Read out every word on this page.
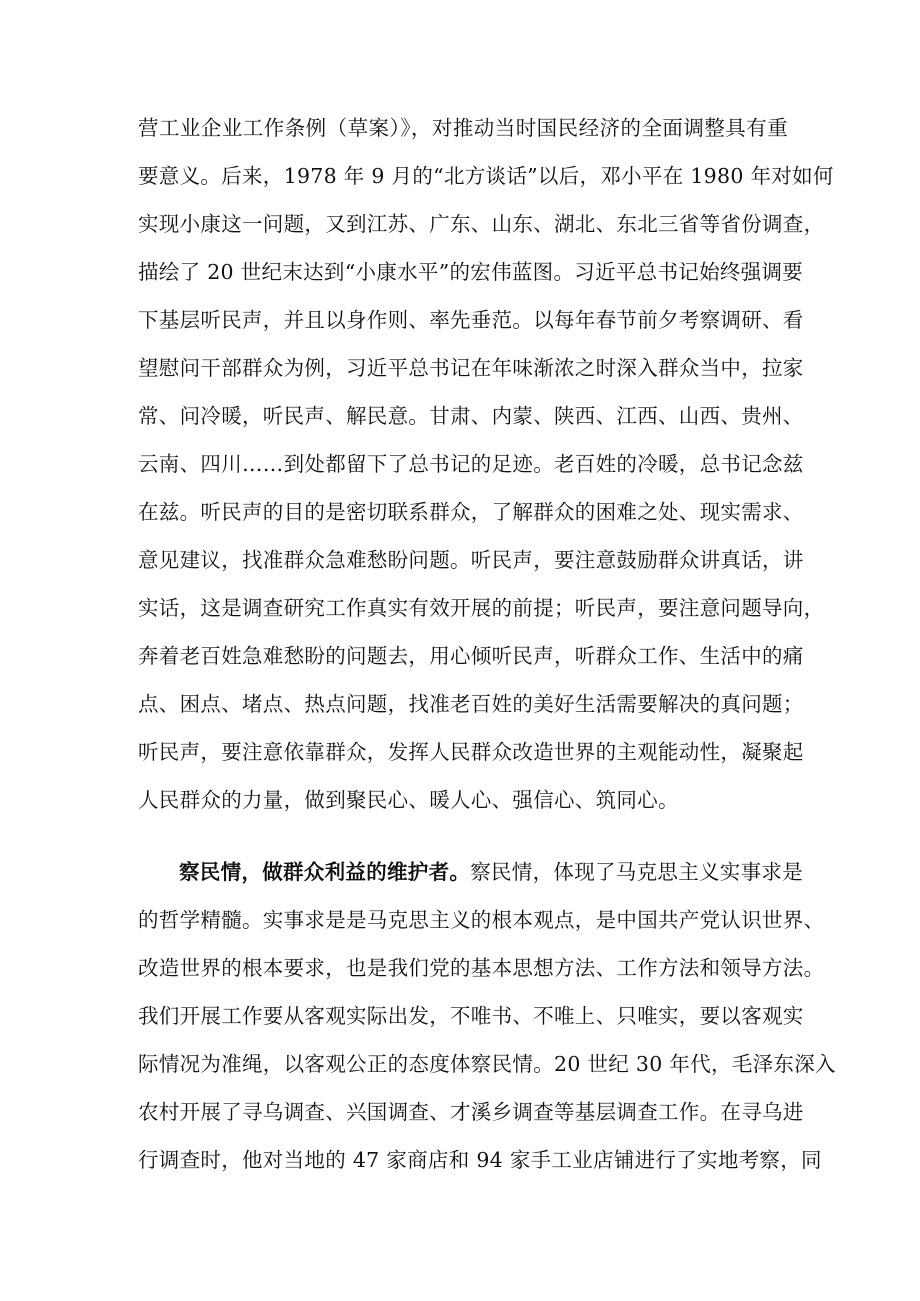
营工业企业工作条例（草案）》，对推动当时国民经济的全面调整具有重
要意义。后来，1978 年 9 月的“北方谈话”以后，邓小平在 1980 年对如何
实现小康这一问题，又到江苏、广东、山东、湖北、东北三省等省份调查，
描绘了 20 世纪末达到“小康水平”的宏伟蓝图。习近平总书记始终强调要
下基层听民声，并且以身作则、率先垂范。以每年春节前夕考察调研、看
望慰问干部群众为例，习近平总书记在年味渐浓之时深入群众当中，拉家
常、问冷暖，听民声、解民意。甘肃、内蒙、陕西、江西、山西、贵州、
云南、四川……到处都留下了总书记的足迹。老百姓的冷暖，总书记念兹
在兹。听民声的目的是密切联系群众，了解群众的困难之处、现实需求、
意见建议，找准群众急难愁盼问题。听民声，要注意鼓励群众讲真话，讲
实话，这是调查研究工作真实有效开展的前提；听民声，要注意问题导向，
奔着老百姓急难愁盼的问题去，用心倾听民声，听群众工作、生活中的痛
点、困点、堵点、热点问题，找准老百姓的美好生活需要解决的真问题；
听民声，要注意依靠群众，发挥人民群众改造世界的主观能动性，凝聚起
人民群众的力量，做到聚民心、暖人心、强信心、筑同心。
察民情，做群众利益的维护者。察民情，体现了马克思主义实事求是
的哲学精髓。实事求是是马克思主义的根本观点，是中国共产党认识世界、
改造世界的根本要求，也是我们党的基本思想方法、工作方法和领导方法。
我们开展工作要从客观实际出发，不唯书、不唯上、只唯实，要以客观实
际情况为准绳，以客观公正的态度体察民情。20 世纪 30 年代，毛泽东深入
农村开展了寻乌调查、兴国调查、才溪乡调查等基层调查工作。在寻乌进
行调查时，他对当地的 47 家商店和 94 家手工业店铺进行了实地考察，同
